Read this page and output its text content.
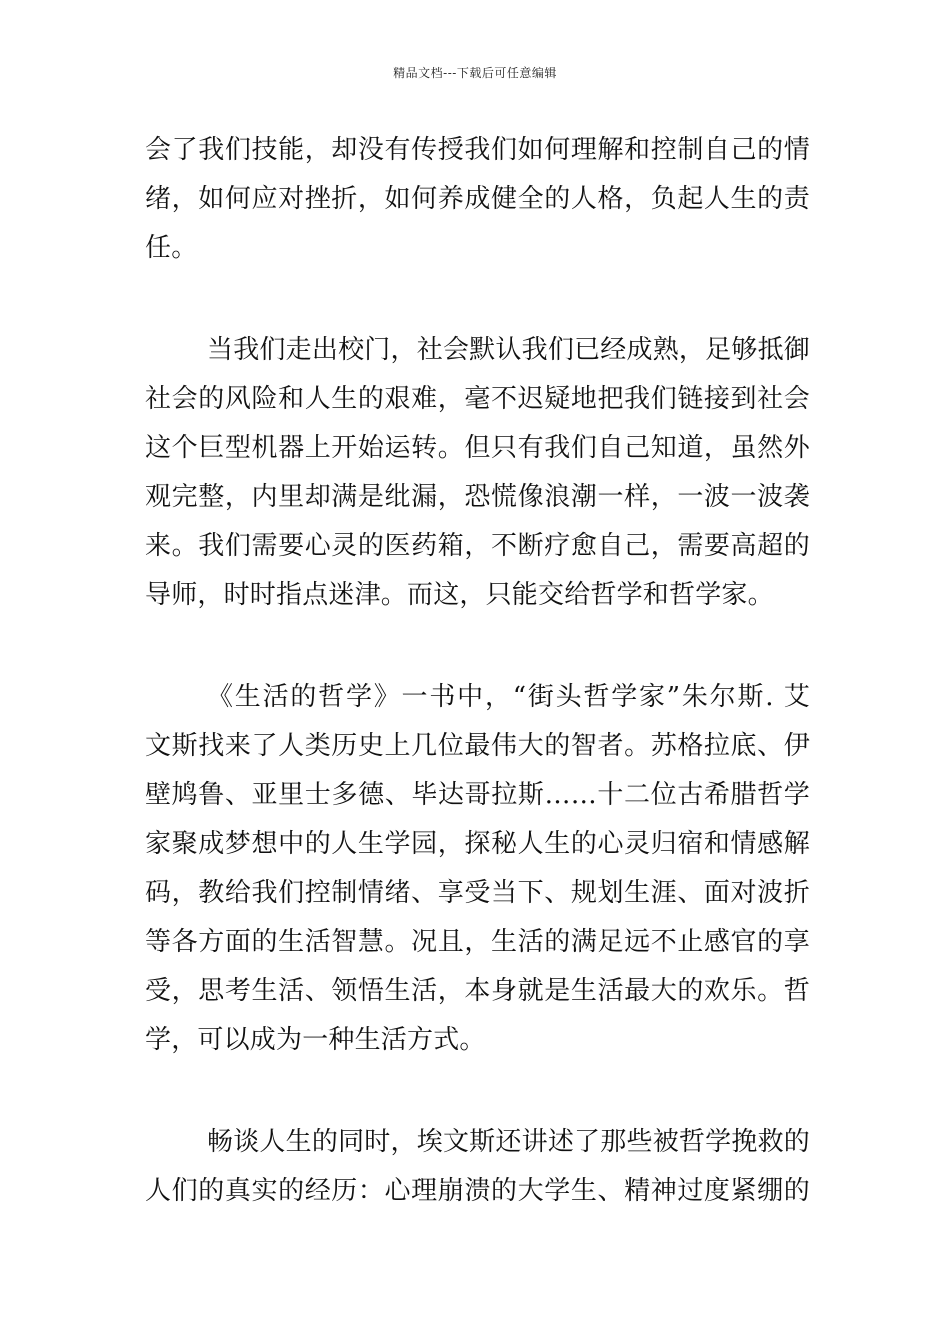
精品文档---下载后可任意编辑
会了我们技能，却没有传授我们如何理解和控制自己的情
绪，如何应对挫折，如何养成健全的人格，负起人生的责
任。
当我们走出校门，社会默认我们已经成熟，足够抵御
社会的风险和人生的艰难，毫不迟疑地把我们链接到社会
这个巨型机器上开始运转。但只有我们自己知道，虽然外
观完整，内里却满是纰漏，恐慌像浪潮一样，一波一波袭
来。我们需要心灵的医药箱，不断疗愈自己，需要高超的
导师，时时指点迷津。而这，只能交给哲学和哲学家。
《生活的哲学》一书中，“街头哲学家”朱尔斯. 艾
文斯找来了人类历史上几位最伟大的智者。苏格拉底、伊
壁鸠鲁、亚里士多德、毕达哥拉斯……十二位古希腊哲学
家聚成梦想中的人生学园，探秘人生的心灵归宿和情感解
码，教给我们控制情绪、享受当下、规划生涯、面对波折
等各方面的生活智慧。况且，生活的满足远不止感官的享
受，思考生活、领悟生活，本身就是生活最大的欢乐。哲
学，可以成为一种生活方式。
畅谈人生的同时，埃文斯还讲述了那些被哲学挽救的
人们的真实的经历：心理崩溃的大学生、精神过度紧绷的
